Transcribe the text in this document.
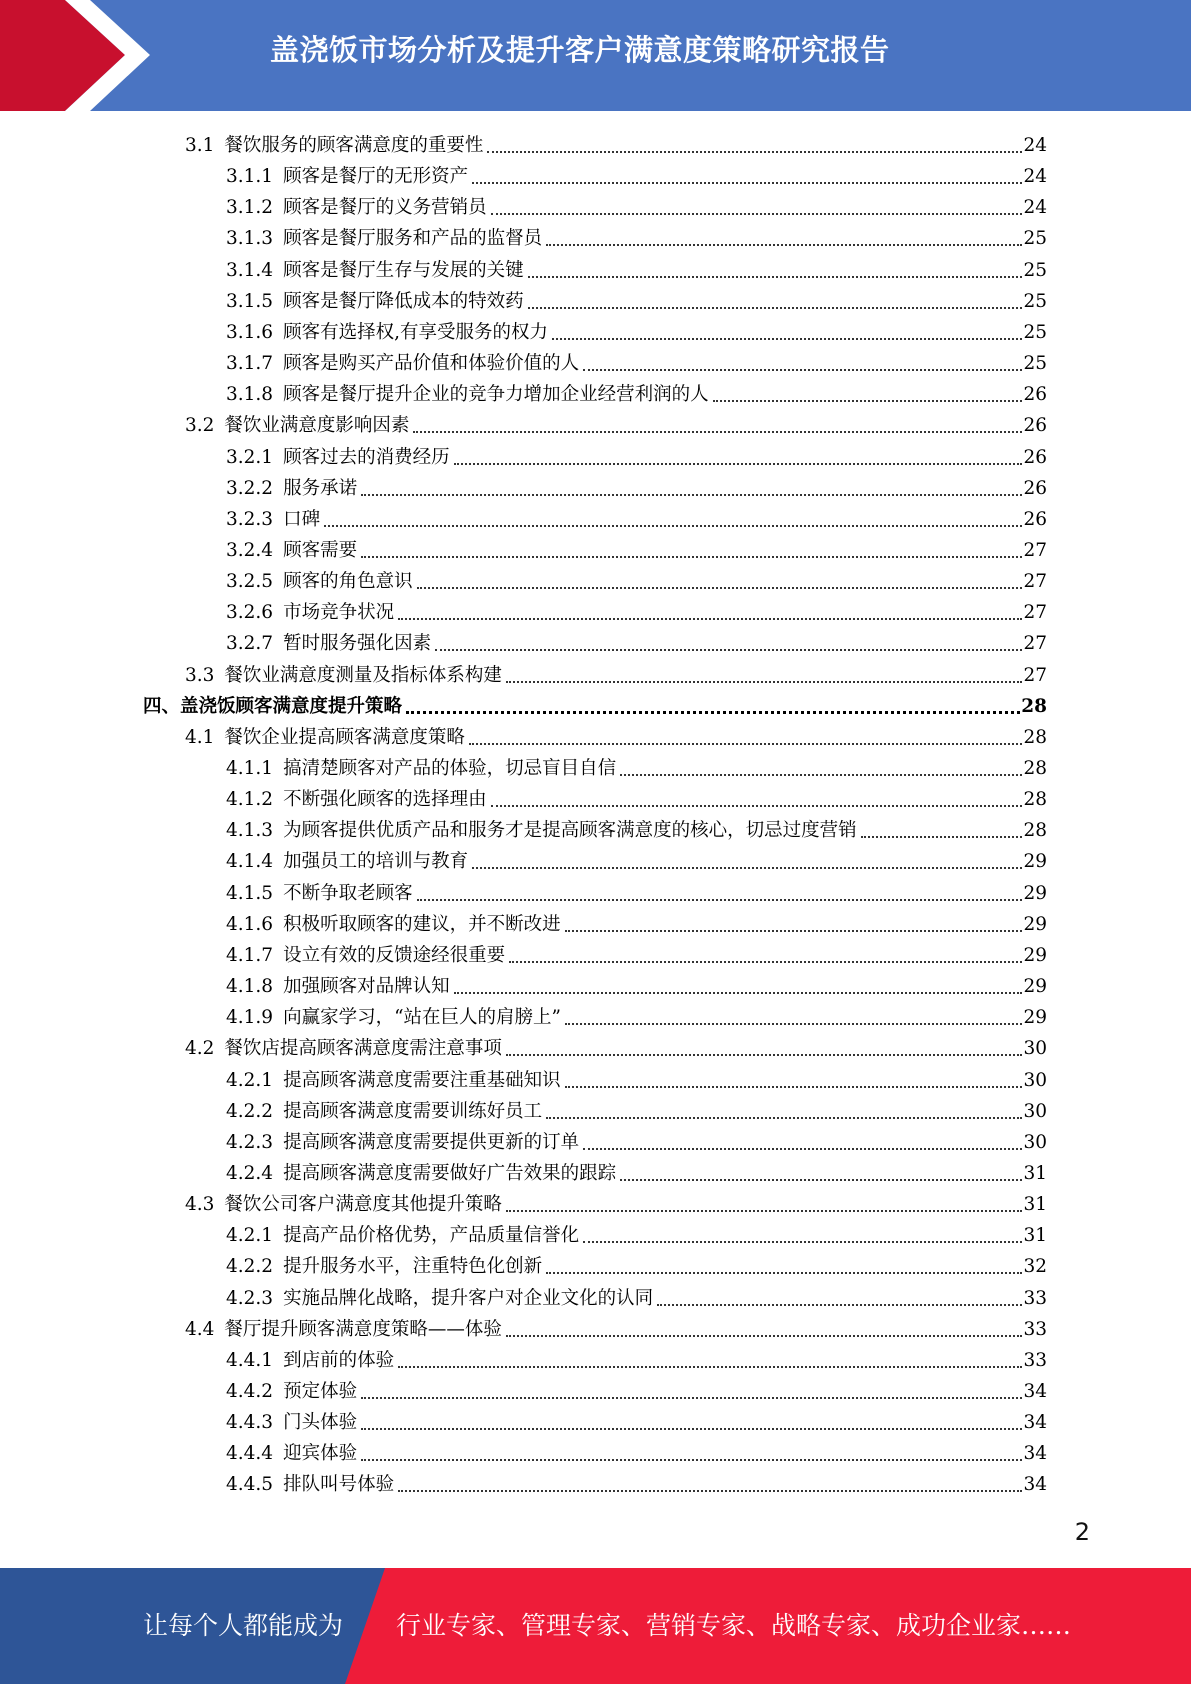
盖浇饭市场分析及提升客户满意度策略研究报告
3.1 餐饮服务的顾客满意度的重要性	24
3.1.1 顾客是餐厅的无形资产	24
3.1.2 顾客是餐厅的义务营销员	24
3.1.3 顾客是餐厅服务和产品的监督员	25
3.1.4 顾客是餐厅生存与发展的关键	25
3.1.5 顾客是餐厅降低成本的特效药	25
3.1.6 顾客有选择权,有享受服务的权力	25
3.1.7 顾客是购买产品价值和体验价值的人	25
3.1.8 顾客是餐厅提升企业的竞争力增加企业经营利润的人	26
3.2 餐饮业满意度影响因素	26
3.2.1 顾客过去的消费经历	26
3.2.2 服务承诺	26
3.2.3 口碑	26
3.2.4 顾客需要	27
3.2.5 顾客的角色意识	27
3.2.6 市场竞争状况	27
3.2.7 暂时服务强化因素	27
3.3 餐饮业满意度测量及指标体系构建	27
四、盖浇饭顾客满意度提升策略	28
4.1 餐饮企业提高顾客满意度策略	28
4.1.1 搞清楚顾客对产品的体验，切忌盲目自信	28
4.1.2 不断强化顾客的选择理由	28
4.1.3 为顾客提供优质产品和服务才是提高顾客满意度的核心，切忌过度营销	28
4.1.4 加强员工的培训与教育	29
4.1.5 不断争取老顾客	29
4.1.6 积极听取顾客的建议，并不断改进	29
4.1.7 设立有效的反馈途经很重要	29
4.1.8 加强顾客对品牌认知	29
4.1.9 向赢家学习，“站在巨人的肩膀上”	29
4.2 餐饮店提高顾客满意度需注意事项	30
4.2.1 提高顾客满意度需要注重基础知识	30
4.2.2 提高顾客满意度需要训练好员工	30
4.2.3 提高顾客满意度需要提供更新的订单	30
4.2.4 提高顾客满意度需要做好广告效果的跟踪	31
4.3 餐饮公司客户满意度其他提升策略	31
4.2.1 提高产品价格优势，产品质量信誉化	31
4.2.2 提升服务水平，注重特色化创新	32
4.2.3 实施品牌化战略，提升客户对企业文化的认同	33
4.4 餐厅提升顾客满意度策略——体验	33
4.4.1 到店前的体验	33
4.4.2 预定体验	34
4.4.3 门头体验	34
4.4.4 迎宾体验	34
4.4.5 排队叫号体验	34
2
让每个人都能成为 行业专家、管理专家、营销专家、战略专家、成功企业家……
